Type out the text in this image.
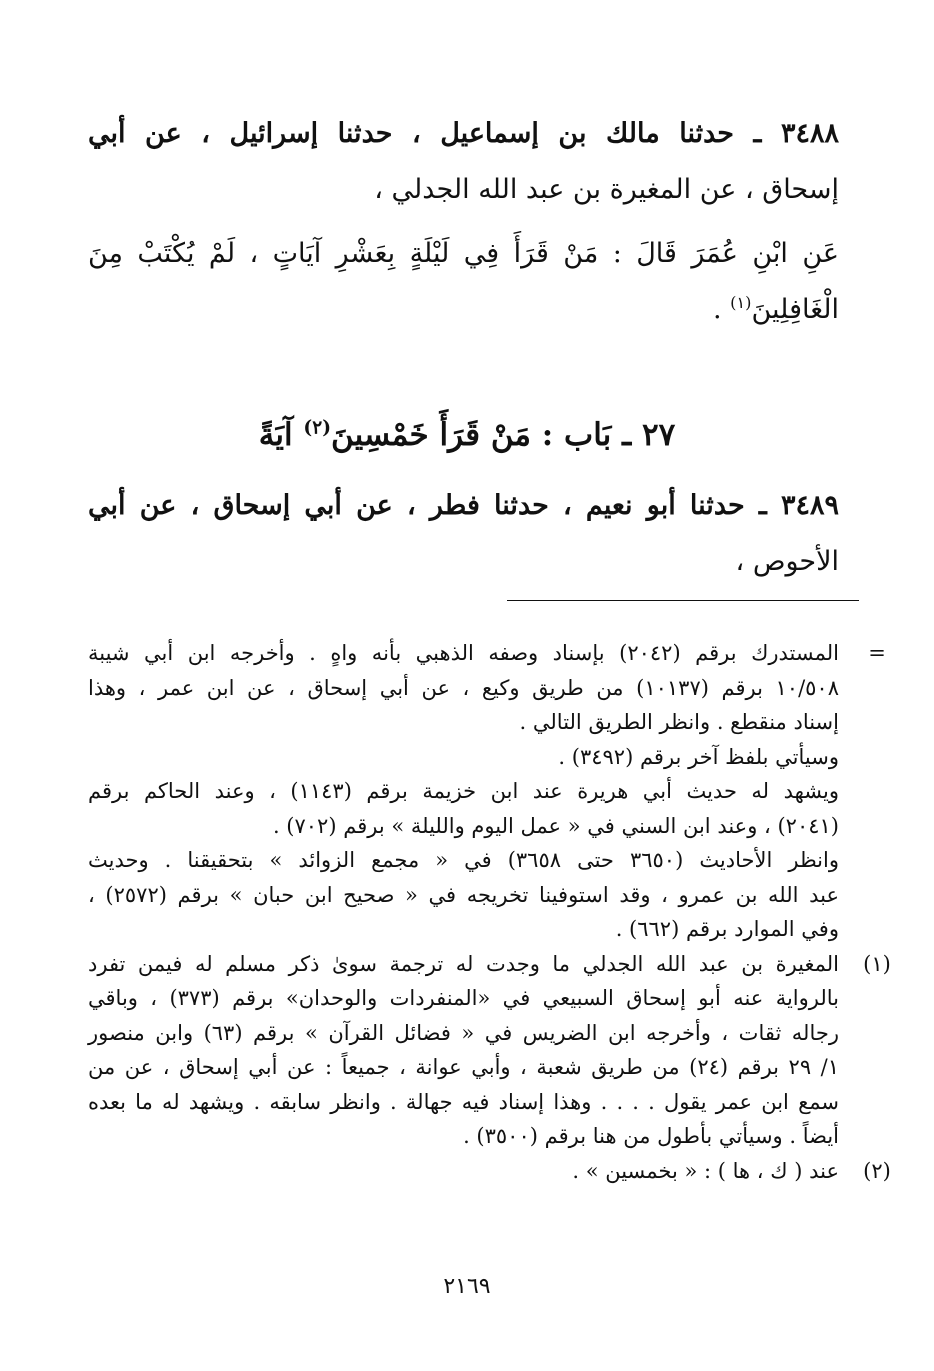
٣٤٨٨ ـ حدثنا مالك بن إسماعيل ، حدثنا إسرائيل ، عن أبي
إسحاق ، عن المغيرة بن عبد الله الجدلي ،
عَنِ ابْنِ عُمَرَ قَالَ : مَنْ قَرَأَ فِي لَيْلَةٍ بِعَشْرِ آيَاتٍ ، لَمْ يُكْتَبْ مِنَ
الْغَافِلِينَ$^{(١)}$ .
٢٧ ـ بَاب : مَنْ قَرَأَ خَمْسِينَ$^{(٢)}$ آيَةً
٣٤٨٩ ـ حدثنا أبو نعيم ، حدثنا فطر ، عن أبي إسحاق ، عن أبي
الأحوص ،
=
المستدرك برقم (٢٠٤٢) بإسناد وصفه الذهبي بأنه واهٍ . وأخرجه ابن أبي شيبة
١٠/٥٠٨ برقم (١٠١٣٧) من طريق وكيع ، عن أبي إسحاق ، عن ابن عمر ، وهذا
إسناد منقطع . وانظر الطريق التالي .
وسيأتي بلفظ آخر برقم (٣٤٩٢) .
ويشهد له حديث أبي هريرة عند ابن خزيمة برقم (١١٤٣) ، وعند الحاكم برقم
(٢٠٤١) ، وعند ابن السني في « عمل اليوم والليلة » برقم (٧٠٢) .
وانظر الأحاديث (٣٦٥٠ حتى ٣٦٥٨) في « مجمع الزوائد » بتحقيقنا . وحديث
عبد الله بن عمرو ، وقد استوفينا تخريجه في « صحيح ابن حبان » برقم (٢٥٧٢) ،
وفي الموارد برقم (٦٦٢) .
(١)
المغيرة بن عبد الله الجدلي ما وجدت له ترجمة سوىٰ ذكر مسلم له فيمن تفرد
بالرواية عنه أبو إسحاق السبيعي في «المنفردات والوحدان» برقم (٣٧٣) ، وباقي
رجاله ثقات ، وأخرجه ابن الضريس في « فضائل القرآن » برقم (٦٣) وابن منصور
١/ ٢٩ برقم (٢٤) من طريق شعبة ، وأبي عوانة ، جميعاً : عن أبي إسحاق ، عن من
سمع ابن عمر يقول . . . . وهذا إسناد فيه جهالة . وانظر سابقه . ويشهد له ما بعده
أيضاً . وسيأتي بأطول من هنا برقم (٣٥٠٠) .
(٢)
عند ( ك ، ها ) : « بخمسين » .
٢١٦٩
